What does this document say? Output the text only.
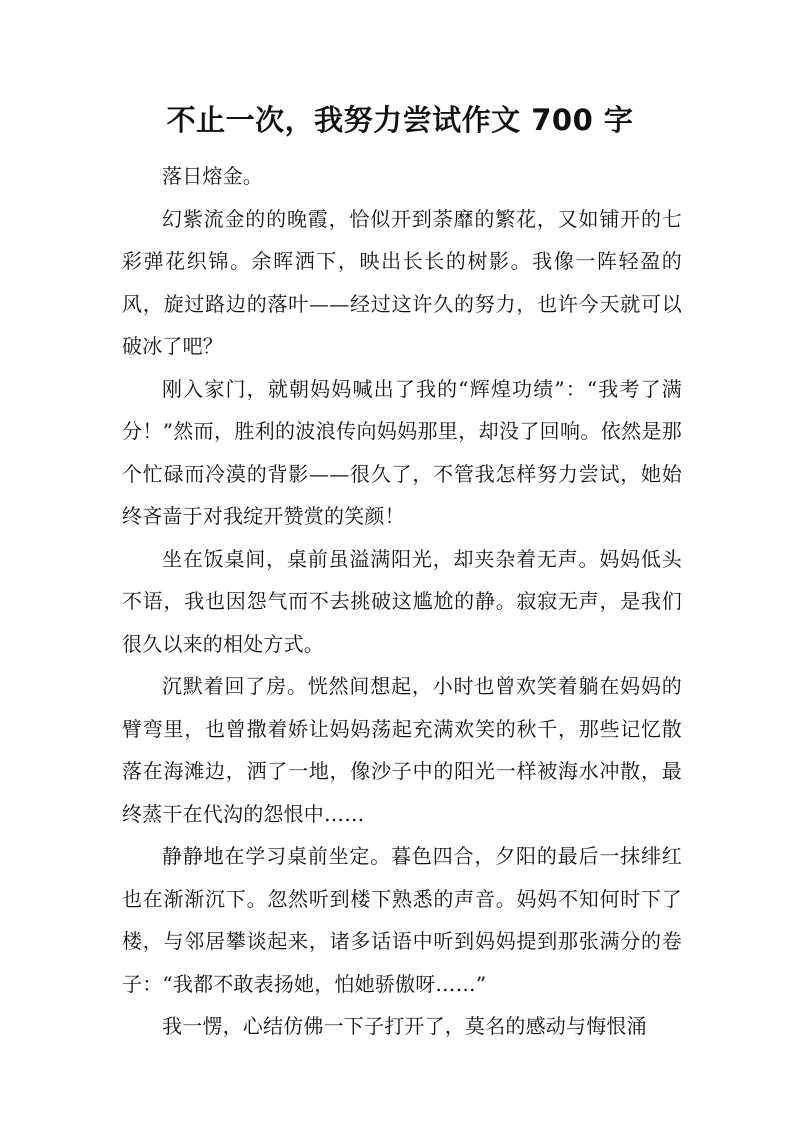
不止一次，我努力尝试作文 700 字

落日熔金。

幻紫流金的的晚霞，恰似开到荼靡的繁花，又如铺开的七彩弹花织锦。余晖洒下，映出长长的树影。我像一阵轻盈的风，旋过路边的落叶——经过这许久的努力，也许今天就可以破冰了吧？

刚入家门，就朝妈妈喊出了我的“辉煌功绩”：“我考了满分！”然而，胜利的波浪传向妈妈那里，却没了回响。依然是那个忙碌而冷漠的背影——很久了，不管我怎样努力尝试，她始终吝啬于对我绽开赞赏的笑颜！

坐在饭桌间，桌前虽溢满阳光，却夹杂着无声。妈妈低头不语，我也因怨气而不去挑破这尴尬的静。寂寂无声，是我们很久以来的相处方式。

沉默着回了房。恍然间想起，小时也曾欢笑着躺在妈妈的臂弯里，也曾撒着娇让妈妈荡起充满欢笑的秋千，那些记忆散落在海滩边，洒了一地，像沙子中的阳光一样被海水冲散，最终蒸干在代沟的怨恨中……

静静地在学习桌前坐定。暮色四合，夕阳的最后一抹绯红也在渐渐沉下。忽然听到楼下熟悉的声音。妈妈不知何时下了楼，与邻居攀谈起来，诸多话语中听到妈妈提到那张满分的卷子：“我都不敢表扬她，怕她骄傲呀……”

我一愣，心结仿佛一下子打开了，莫名的感动与悔恨涌
